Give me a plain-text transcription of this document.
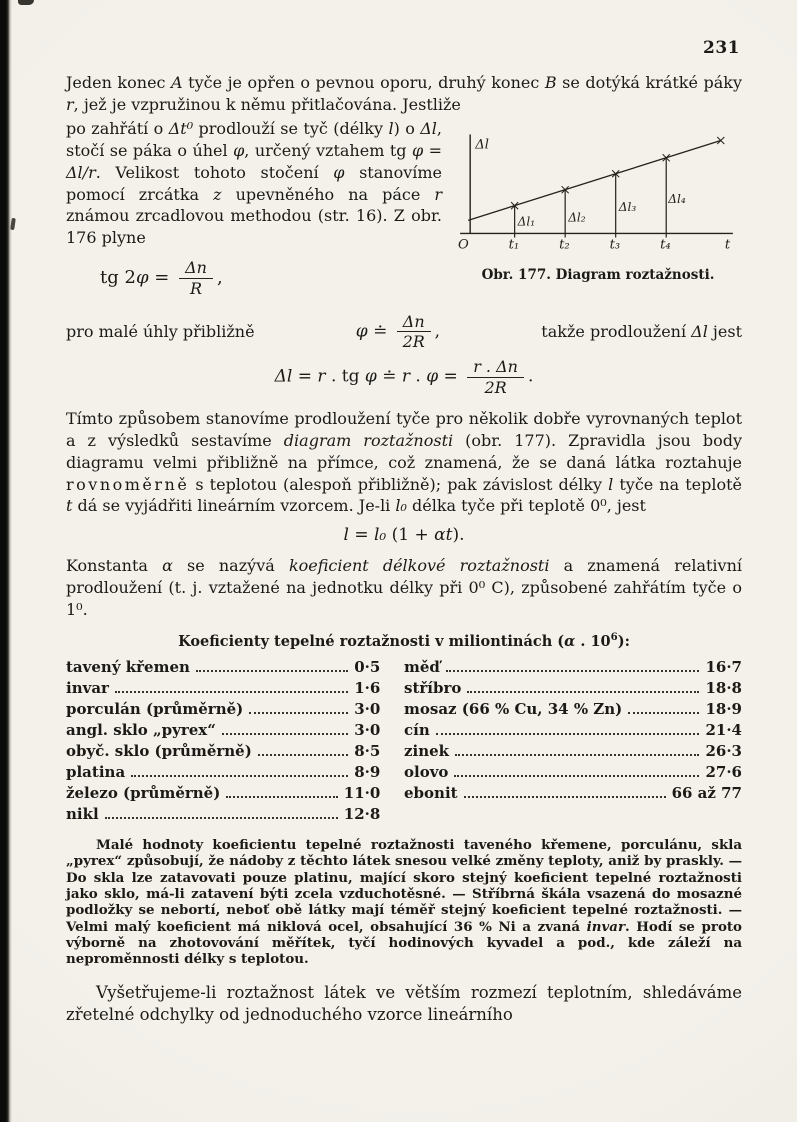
231

Jeden konec A tyče je opřen o pevnou oporu, druhý konec B se dotýká krátké páky r, jež je vzpružinou k němu přitlačována. Jestliže

Δl
O	t₁	t₂	t₃	t₄	t
Δl₁	Δl₂
Δl₃
Δl₄
Obr. 177. Diagram roztažnosti.

po zahřátí o Δt⁰ prodlouží se tyč (délky l) o Δl, stočí se páka o úhel φ, určený vztahem tg φ = Δl/r. Velikost tohoto stočení φ stanovíme pomocí zrcátka z upevněného na páce r známou zrcadlovou methodou (str. 16). Z obr. 176 plyne

tg $2\varphi = \frac{\Delta n}{R}$ ,
pro malé úhly přibližně	φ ≐ $\frac{\Delta n}{2R}$ ,	takže prodloužení Δl jest
Δl = r . tg φ ≐ r . $\varphi = \frac{r . \Delta n}{2R}$ .

Tímto způsobem stanovíme prodloužení tyče pro několik dobře vyrovnaných teplot a z výsledků sestavíme diagram roztažnosti (obr. 177). Zpravidla jsou body diagramu velmi přibližně na přímce, což znamená, že se daná látka roztahuje rovnoměrně s teplotou (alespoň přibližně); pak závislost délky l tyče na teplotě t dá se vyjádřiti lineárním vzorcem. Je-li l₀ délka tyče při teplotě 0⁰, jest

l = l₀ (1 + αt).

Konstanta α se nazývá koeficient délkové roztažnosti a znamená relativní prodloužení (t. j. vztažené na jednotku délky při 0⁰ C), způsobené zahřátím tyče o 1⁰.

Koeficienty tepelné roztažnosti v miliontinách (α . $10^6$):
tavený křemen	0·5
invar	1·6
porculán (průměrně)	3·0
angl. sklo „pyrex“	3·0
obyč. sklo (průměrně)	8·5
platina	8·9
železo (průměrně)	11·0
nikl	12·8
měď	16·7
stříbro	18·8
mosaz (66 % Cu, 34 % Zn)	18·9
cín	21·4
zinek	26·3
olovo	27·6
ebonit	66 až 77

Malé hodnoty koeficientu tepelné roztažnosti taveného křemene, porculánu, skla „pyrex“ způsobují, že nádoby z těchto látek snesou velké změny teploty, aniž by praskly. — Do skla lze zatavovati pouze platinu, mající skoro stejný koeficient tepelné roztažnosti jako sklo, má-li zatavení býti zcela vzduchotěsné. — Stříbrná škála vsazená do mosazné podložky se nebortí, neboť obě látky mají téměř stejný koeficient tepelné roztažnosti. — Velmi malý koeficient má niklová ocel, obsahující 36 % Ni a zvaná invar. Hodí se proto výborně na zhotovování měřítek, tyčí hodinových kyvadel a pod., kde záleží na neproměnnosti délky s teplotou.

Vyšetřujeme-li roztažnost látek ve větším rozmezí teplotním, shledáváme zřetelné odchylky od jednoduchého vzorce lineárního
